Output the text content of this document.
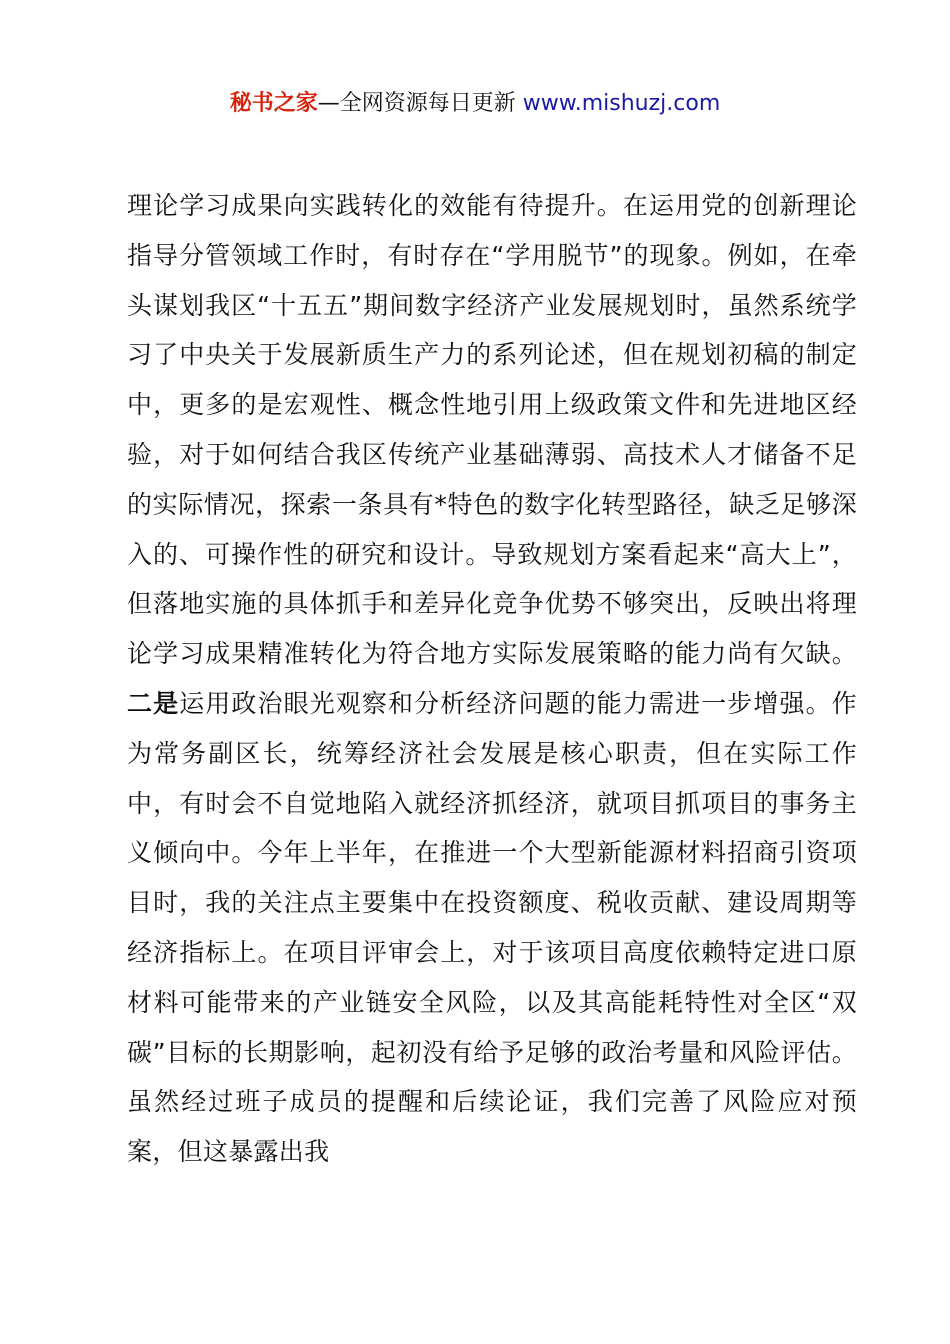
秘书之家—全网资源每日更新 www.mishuzj.com

理论学习成果向实践转化的效能有待提升。在运用党的创新理论指导分管领域工作时，有时存在“学用脱节”的现象。例如，在牵头谋划我区“十五五”期间数字经济产业发展规划时，虽然系统学习了中央关于发展新质生产力的系列论述，但在规划初稿的制定中，更多的是宏观性、概念性地引用上级政策文件和先进地区经验，对于如何结合我区传统产业基础薄弱、高技术人才储备不足的实际情况，探索一条具有*特色的数字化转型路径，缺乏足够深入的、可操作性的研究和设计。导致规划方案看起来“高大上”，但落地实施的具体抓手和差异化竞争优势不够突出，反映出将理论学习成果精准转化为符合地方实际发展策略的能力尚有欠缺。二是运用政治眼光观察和分析经济问题的能力需进一步增强。作为常务副区长，统筹经济社会发展是核心职责，但在实际工作中，有时会不自觉地陷入就经济抓经济，就项目抓项目的事务主义倾向中。今年上半年，在推进一个大型新能源材料招商引资项目时，我的关注点主要集中在投资额度、税收贡献、建设周期等经济指标上。在项目评审会上，对于该项目高度依赖特定进口原材料可能带来的产业链安全风险，以及其高能耗特性对全区“双碳”目标的长期影响，起初没有给予足够的政治考量和风险评估。虽然经过班子成员的提醒和后续论证，我们完善了风险应对预案，但这暴露出我
